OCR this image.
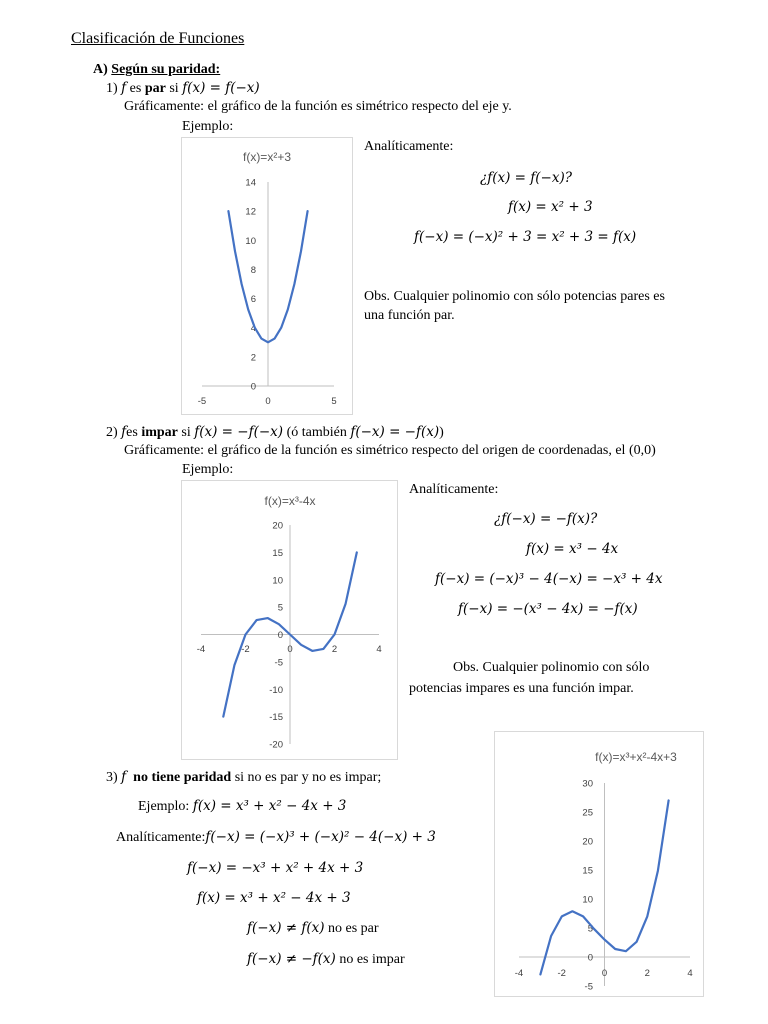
Clasificación de Funciones
A) Según su paridad:
1) f es par si f(x) = f(−x)
Gráficamente: el gráfico de la función es simétrico respecto del eje y.
Ejemplo:
f(x)=x²+3
-5	0	5
0
2
4
6
8
10
12
14
Analíticamente:
¿f(x) = f(−x)?
f(x) = x² + 3
f(−x) = (−x)² + 3 = x² + 3 = f(x)
Obs. Cualquier polinomio con sólo potencias pares es
una función par.
2) fes impar si f(x) = −f(−x) (ó también f(−x) = −f(x))
Gráficamente: el gráfico de la función es simétrico respecto del origen de coordenadas, el (0,0)
Ejemplo:
f(x)=x³-4x
-4	-2	0	2	4
20
15
10
5
0
-5
-10
-15
-20
Analíticamente:
¿f(−x) = −f(x)?
f(x) = x³ − 4x
f(−x) = (−x)³ − 4(−x) = −x³ + 4x
f(−x) = −(x³ − 4x) = −f(x)
Obs. Cualquier polinomio con sólo
potencias impares es una función impar.
3) f no tiene paridad si no es par y no es impar;
Ejemplo: f(x) = x³ + x² − 4x + 3
Analíticamente:f(−x) = (−x)³ + (−x)² − 4(−x) + 3
f(−x) = −x³ + x² + 4x + 3
f(x) = x³ + x² − 4x + 3
f(−x) ≠ f(x) no es par
f(−x) ≠ −f(x) no es impar
f(x)=x³+x²-4x+3
-4	-2	0	2	4
30
25
20
15
10
5
0
-5
